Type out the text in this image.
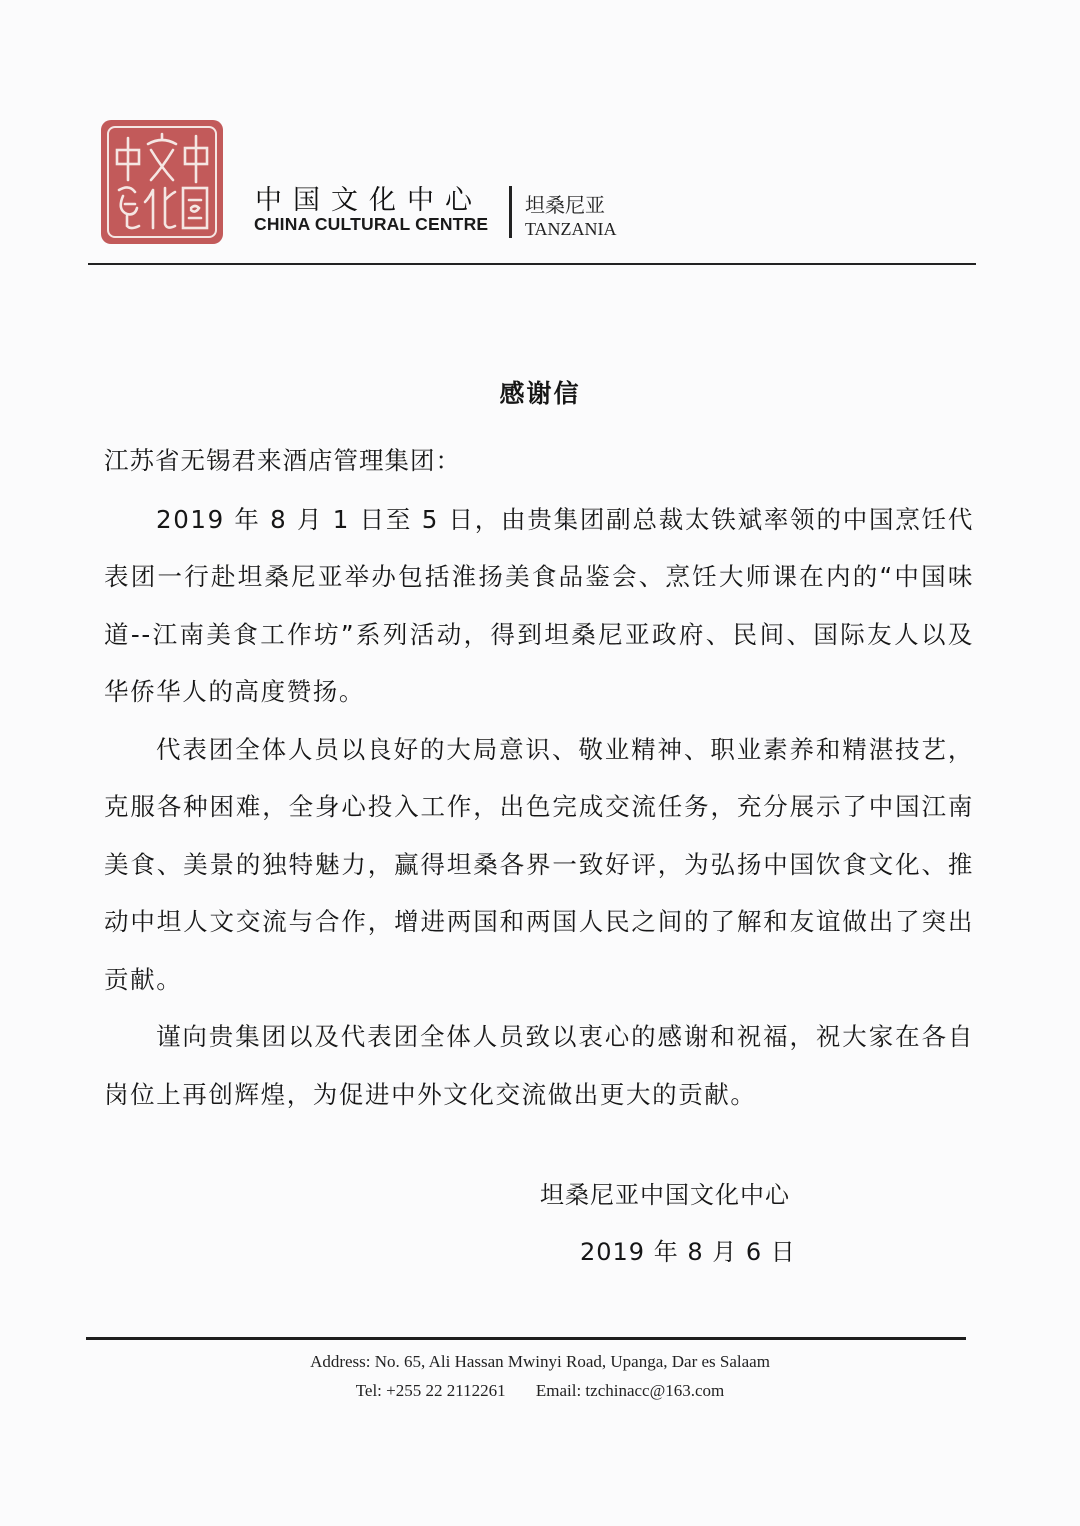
中国文化中心
CHINA CULTURAL CENTRE
坦桑尼亚
TANZANIA
感谢信

江苏省无锡君来酒店管理集团：

2019 年 8 月 1 日至 5 日，由贵集团副总裁太铁斌率领的中国烹饪代表团一行赴坦桑尼亚举办包括淮扬美食品鉴会、烹饪大师课在内的“中国味道--江南美食工作坊”系列活动，得到坦桑尼亚政府、民间、国际友人以及华侨华人的高度赞扬。

代表团全体人员以良好的大局意识、敬业精神、职业素养和精湛技艺，克服各种困难，全身心投入工作，出色完成交流任务，充分展示了中国江南美食、美景的独特魅力，赢得坦桑各界一致好评，为弘扬中国饮食文化、推动中坦人文交流与合作，增进两国和两国人民之间的了解和友谊做出了突出贡献。

谨向贵集团以及代表团全体人员致以衷心的感谢和祝福，祝大家在各自岗位上再创辉煌，为促进中外文化交流做出更大的贡献。

坦桑尼亚中国文化中心
2019 年 8 月 6 日
Address: No. 65, Ali Hassan Mwinyi Road, Upanga, Dar es Salaam
Tel: +255 22 2112261 Email: tzchinacc@163.com
